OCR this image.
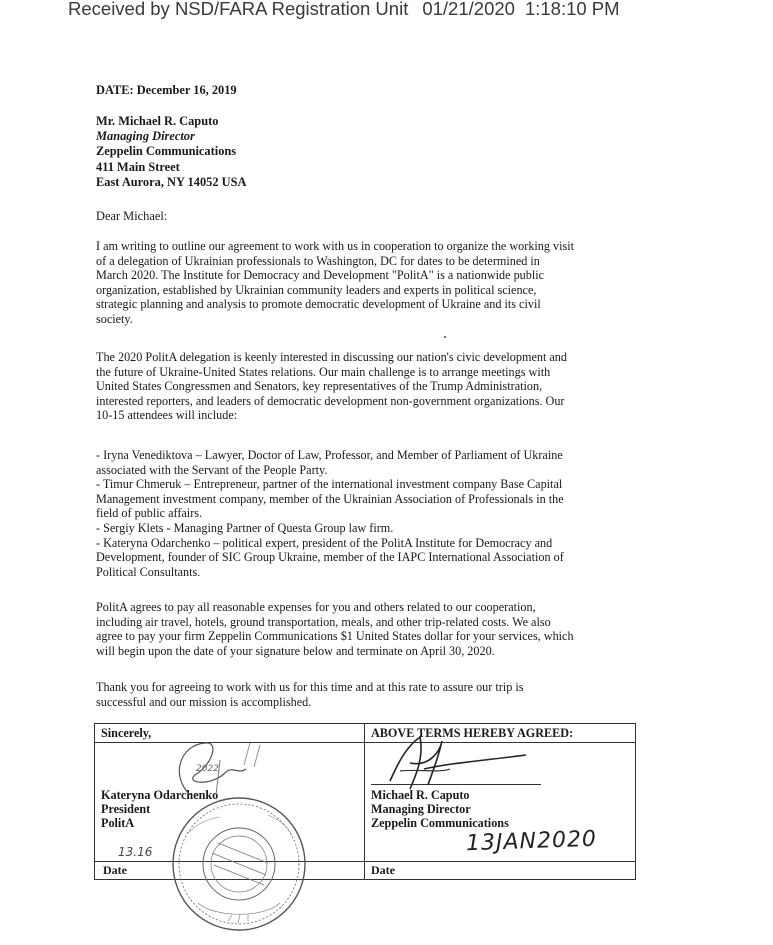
Received by NSD/FARA Registration Unit 01/21/2020 1:18:10 PM
DATE: December 16, 2019
Mr. Michael R. Caputo
Managing Director
Zeppelin Communications
411 Main Street
East Aurora, NY 14052 USA
Dear Michael:

I am writing to outline our agreement to work with us in cooperation to organize the working visit

of a delegation of Ukrainian professionals to Washington, DC for dates to be determined in

March 2020. The Institute for Democracy and Development "PolitA" is a nationwide public

organization, established by Ukrainian community leaders and experts in political science,

strategic planning and analysis to promote democratic development of Ukraine and its civil

society.

The 2020 PolitA delegation is keenly interested in discussing our nation's civic development and

the future of Ukraine-United States relations. Our main challenge is to arrange meetings with

United States Congressmen and Senators, key representatives of the Trump Administration,

interested reporters, and leaders of democratic development non-government organizations. Our

10-15 attendees will include:

- Iryna Venediktova – Lawyer, Doctor of Law, Professor, and Member of Parliament of Ukraine

associated with the Servant of the People Party.

- Timur Chmeruk – Entrepreneur, partner of the international investment company Base Capital

Management investment company, member of the Ukrainian Association of Professionals in the

field of public affairs.

- Sergiy Klets - Managing Partner of Questa Group law firm.

- Kateryna Odarchenko – political expert, president of the PolitA Institute for Democracy and

Development, founder of SIC Group Ukraine, member of the IAPC International Association of

Political Consultants.

PolitA agrees to pay all reasonable expenses for you and others related to our cooperation,

including air travel, hotels, ground transportation, meals, and other trip-related costs. We also

agree to pay your firm Zeppelin Communications $1 United States dollar for your services, which

will begin upon the date of your signature below and terminate on April 30, 2020.

Thank you for agreeing to work with us for this time and at this rate to assure our trip is

successful and our mission is accomplished.

Sincerely,	ABOVE TERMS HEREBY AGREED:
Kateryna Odarchenko
President
PolitA
Michael R. Caputo
Managing Director
Zeppelin Communications
Date	Date
2022
13JAN2020
13.16
